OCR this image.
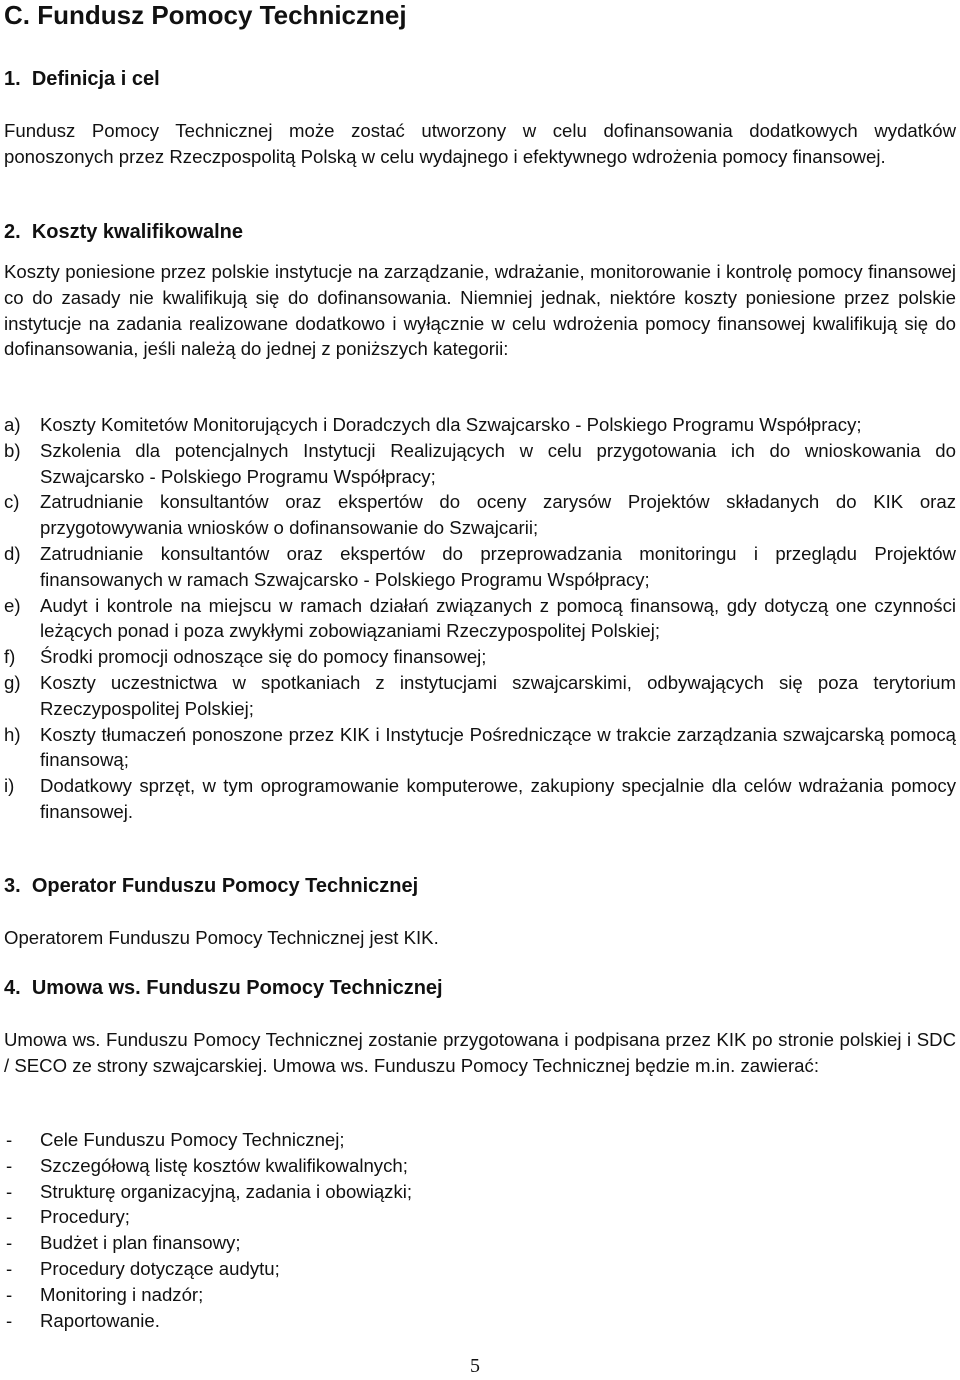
C. Fundusz Pomocy Technicznej
1. Definicja i cel
Fundusz Pomocy Technicznej może zostać utworzony w celu dofinansowania dodatkowych wydatków ponoszonych przez Rzeczpospolitą Polską w celu wydajnego i efektywnego wdrożenia pomocy finansowej.
2. Koszty kwalifikowalne
Koszty poniesione przez polskie instytucje na zarządzanie, wdrażanie, monitorowanie i kontrolę pomocy finansowej co do zasady nie kwalifikują się do dofinansowania. Niemniej jednak, niektóre koszty poniesione przez polskie instytucje na zadania realizowane dodatkowo i wyłącznie w celu wdrożenia pomocy finansowej kwalifikują się do dofinansowania, jeśli należą do jednej z poniższych kategorii:
a) Koszty Komitetów Monitorujących i Doradczych dla Szwajcarsko - Polskiego Programu Współpracy;
b) Szkolenia dla potencjalnych Instytucji Realizujących w celu przygotowania ich do wnioskowania do Szwajcarsko - Polskiego Programu Współpracy;
c) Zatrudnianie konsultantów oraz ekspertów do oceny zarysów Projektów składanych do KIK oraz przygotowywania wniosków o dofinansowanie do Szwajcarii;
d) Zatrudnianie konsultantów oraz ekspertów do przeprowadzania monitoringu i przeglądu Projektów finansowanych w ramach Szwajcarsko - Polskiego Programu Współpracy;
e) Audyt i kontrole na miejscu w ramach działań związanych z pomocą finansową, gdy dotyczą one czynności leżących ponad i poza zwykłymi zobowiązaniami Rzeczypospolitej Polskiej;
f) Środki promocji odnoszące się do pomocy finansowej;
g) Koszty uczestnictwa w spotkaniach z instytucjami szwajcarskimi, odbywających się poza terytorium Rzeczypospolitej Polskiej;
h) Koszty tłumaczeń ponoszone przez KIK i Instytucje Pośredniczące w trakcie zarządzania szwajcarską pomocą finansową;
i) Dodatkowy sprzęt, w tym oprogramowanie komputerowe, zakupiony specjalnie dla celów wdrażania pomocy finansowej.
3. Operator Funduszu Pomocy Technicznej
Operatorem Funduszu Pomocy Technicznej jest KIK.
4. Umowa ws. Funduszu Pomocy Technicznej
Umowa ws. Funduszu Pomocy Technicznej zostanie przygotowana i podpisana przez KIK po stronie polskiej i SDC / SECO ze strony szwajcarskiej. Umowa ws. Funduszu Pomocy Technicznej będzie m.in. zawierać:
- Cele Funduszu Pomocy Technicznej;
- Szczegółową listę kosztów kwalifikowalnych;
- Strukturę organizacyjną, zadania i obowiązki;
- Procedury;
- Budżet i plan finansowy;
- Procedury dotyczące audytu;
- Monitoring i nadzór;
- Raportowanie.
5
